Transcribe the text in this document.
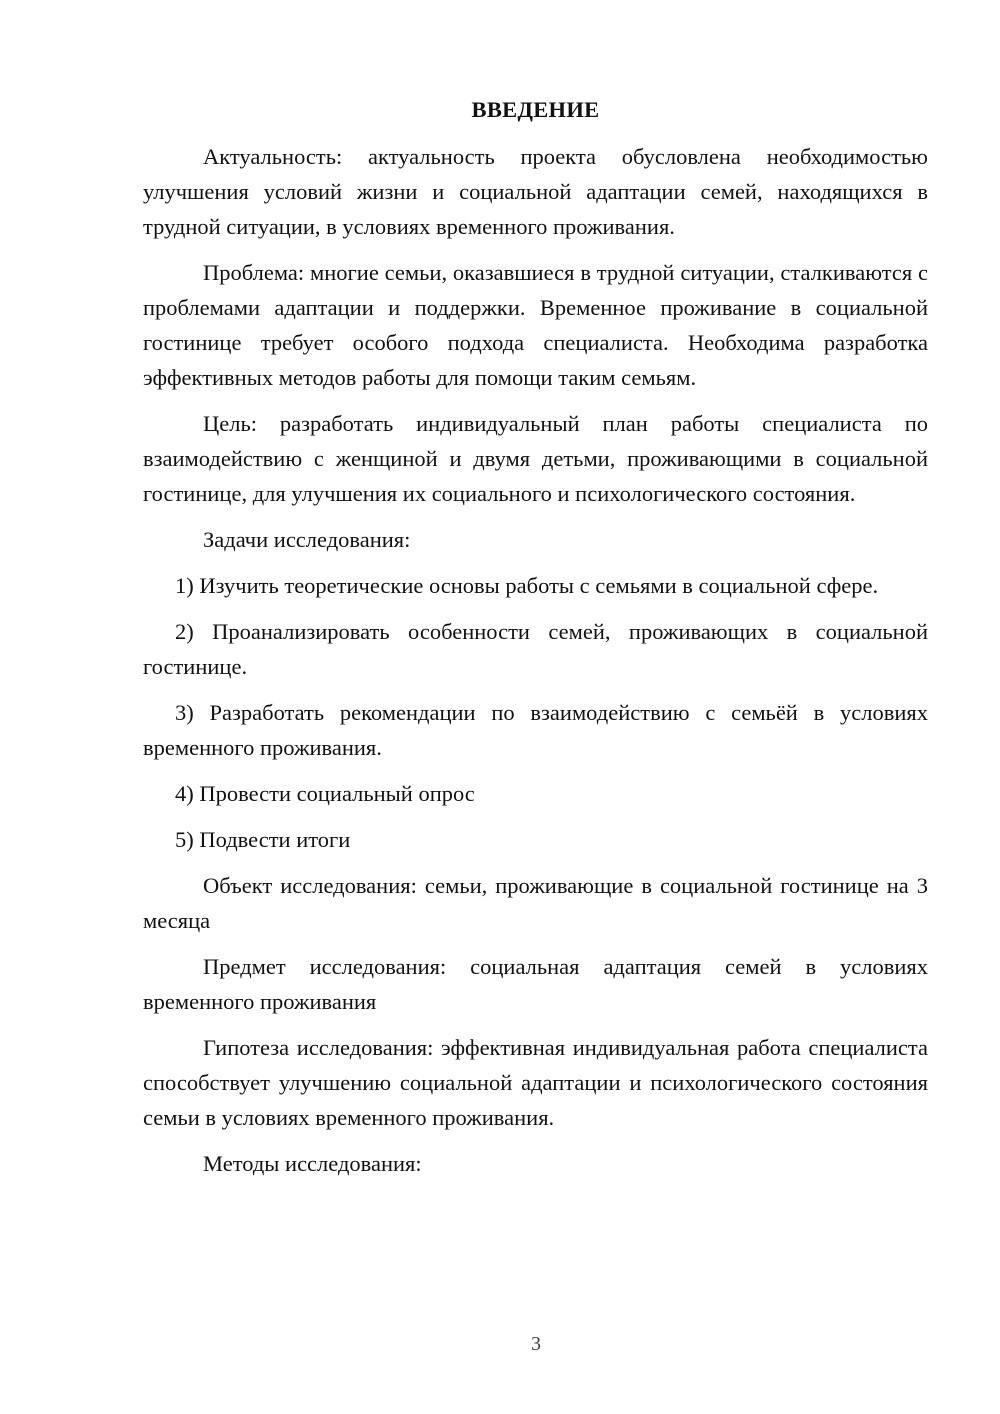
ВВЕДЕНИЕ

Актуальность: актуальность проекта обусловлена необходимостью улучшения условий жизни и социальной адаптации семей, находящихся в трудной ситуации, в условиях временного проживания.

Проблема: многие семьи, оказавшиеся в трудной ситуации, сталкиваются с проблемами адаптации и поддержки. Временное проживание в социальной гостинице требует особого подхода специалиста. Необходима разработка эффективных методов работы для помощи таким семьям.

Цель: разработать индивидуальный план работы специалиста по взаимодействию с женщиной и двумя детьми, проживающими в социальной гостинице, для улучшения их социального и психологического состояния.

Задачи исследования:

1) Изучить теоретические основы работы с семьями в социальной сфере.

2) Проанализировать особенности семей, проживающих в социальной гостинице.

3) Разработать рекомендации по взаимодействию с семьёй в условиях временного проживания.

4) Провести социальный опрос

5) Подвести итоги

Объект исследования: семьи, проживающие в социальной гостинице на 3 месяца

Предмет исследования: социальная адаптация семей в условиях временного проживания

Гипотеза исследования: эффективная индивидуальная работа специалиста способствует улучшению социальной адаптации и психологического состояния семьи в условиях временного проживания.

Методы исследования:

3
